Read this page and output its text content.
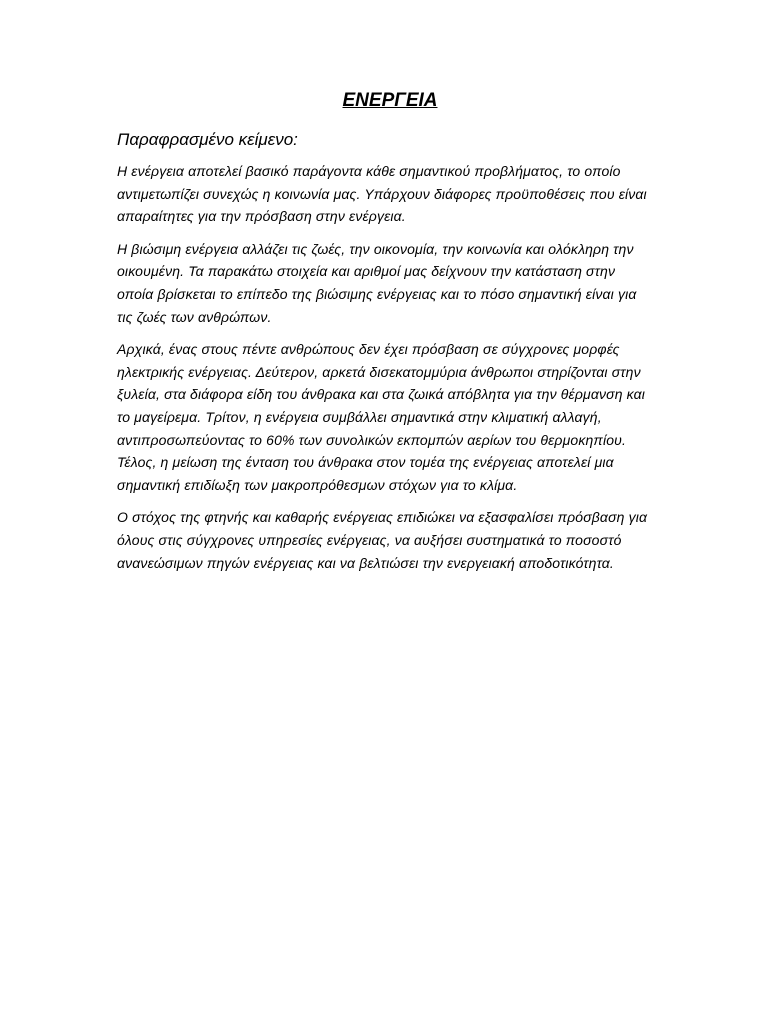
ΕΝΕΡΓΕΙΑ
Παραφρασμένο κείμενο:

Η ενέργεια αποτελεί βασικό παράγοντα κάθε σημαντικού προβλήματος, το οποίο αντιμετωπίζει συνεχώς η κοινωνία μας. Υπάρχουν διάφορες προϋποθέσεις που είναι απαραίτητες για την πρόσβαση στην ενέργεια.

Η βιώσιμη ενέργεια αλλάζει τις ζωές, την οικονομία, την κοινωνία και ολόκληρη την οικουμένη. Τα παρακάτω στοιχεία και αριθμοί μας δείχνουν την κατάσταση στην οποία βρίσκεται το επίπεδο της βιώσιμης ενέργειας και το πόσο σημαντική είναι για τις ζωές των ανθρώπων.

Αρχικά, ένας στους πέντε ανθρώπους δεν έχει πρόσβαση σε σύγχρονες μορφές ηλεκτρικής ενέργειας. Δεύτερον, αρκετά δισεκατομμύρια άνθρωποι στηρίζονται στην ξυλεία, στα διάφορα είδη του άνθρακα και στα ζωικά απόβλητα για την θέρμανση και το μαγείρεμα. Τρίτον, η ενέργεια συμβάλλει σημαντικά στην κλιματική αλλαγή, αντιπροσωπεύοντας το 60% των συνολικών εκπομπών αερίων του θερμοκηπίου. Τέλος, η μείωση της ένταση του άνθρακα στον τομέα της ενέργειας αποτελεί μια σημαντική επιδίωξη των μακροπρόθεσμων στόχων για το κλίμα.

Ο στόχος της φτηνής και καθαρής ενέργειας επιδιώκει να εξασφαλίσει πρόσβαση για όλους στις σύγχρονες υπηρεσίες ενέργειας, να αυξήσει συστηματικά το ποσοστό ανανεώσιμων πηγών ενέργειας και να βελτιώσει την ενεργειακή αποδοτικότητα.
